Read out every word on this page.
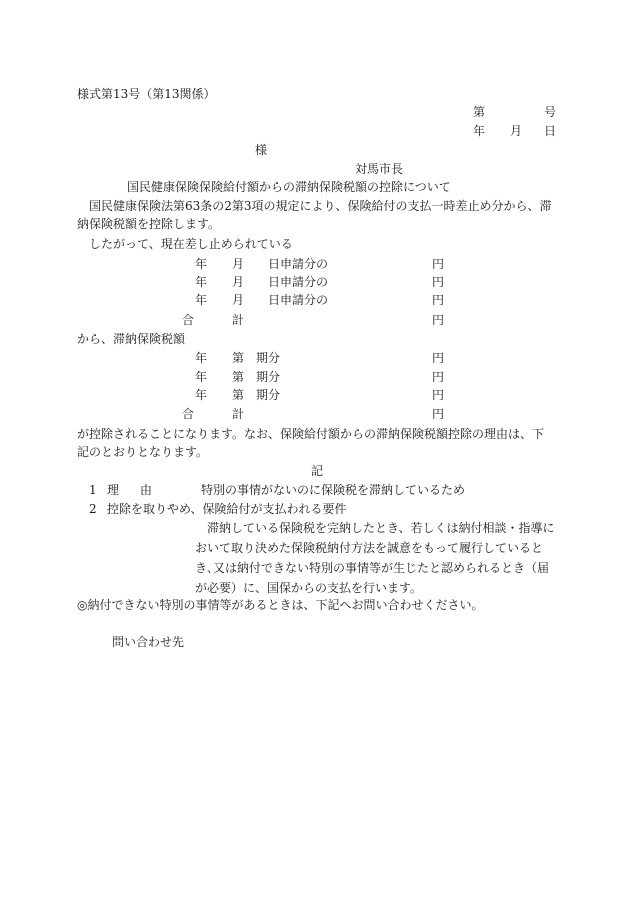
様式第13号（第13関係）
第	号
年 月 日
様
対馬市長
国民健康保険保険給付額からの滞納保険税額の控除について
　国民健康保険法第63条の2第3項の規定により、保険給付の支払一時差止め分から、滞納保険税額を控除します。
したがって、現在差し止められている
年 月 日申請分の	円
年 月 日申請分の	円
年 月 日申請分の	円
合	計	円
から、滞納保険税額
年 第 期分	円
年 第 期分	円
年 第 期分	円
合	計	円
が控除されることになります。なお、保険給付額からの滞納保険税額控除の理由は、下記のとおりとなります。
記
1 理 由	特別の事情がないのに保険税を滞納しているため
2 控除を取りやめ、保険給付が支払われる要件
　滞納している保険税を完納したとき、若しくは納付相談・指導において取り決めた保険税納付方法を誠意をもって履行しているとき､又は納付できない特別の事情等が生じたと認められるとき（届が必要）に、国保からの支払を行います。
◎納付できない特別の事情等があるときは、下記へお問い合わせください。
問い合わせ先
